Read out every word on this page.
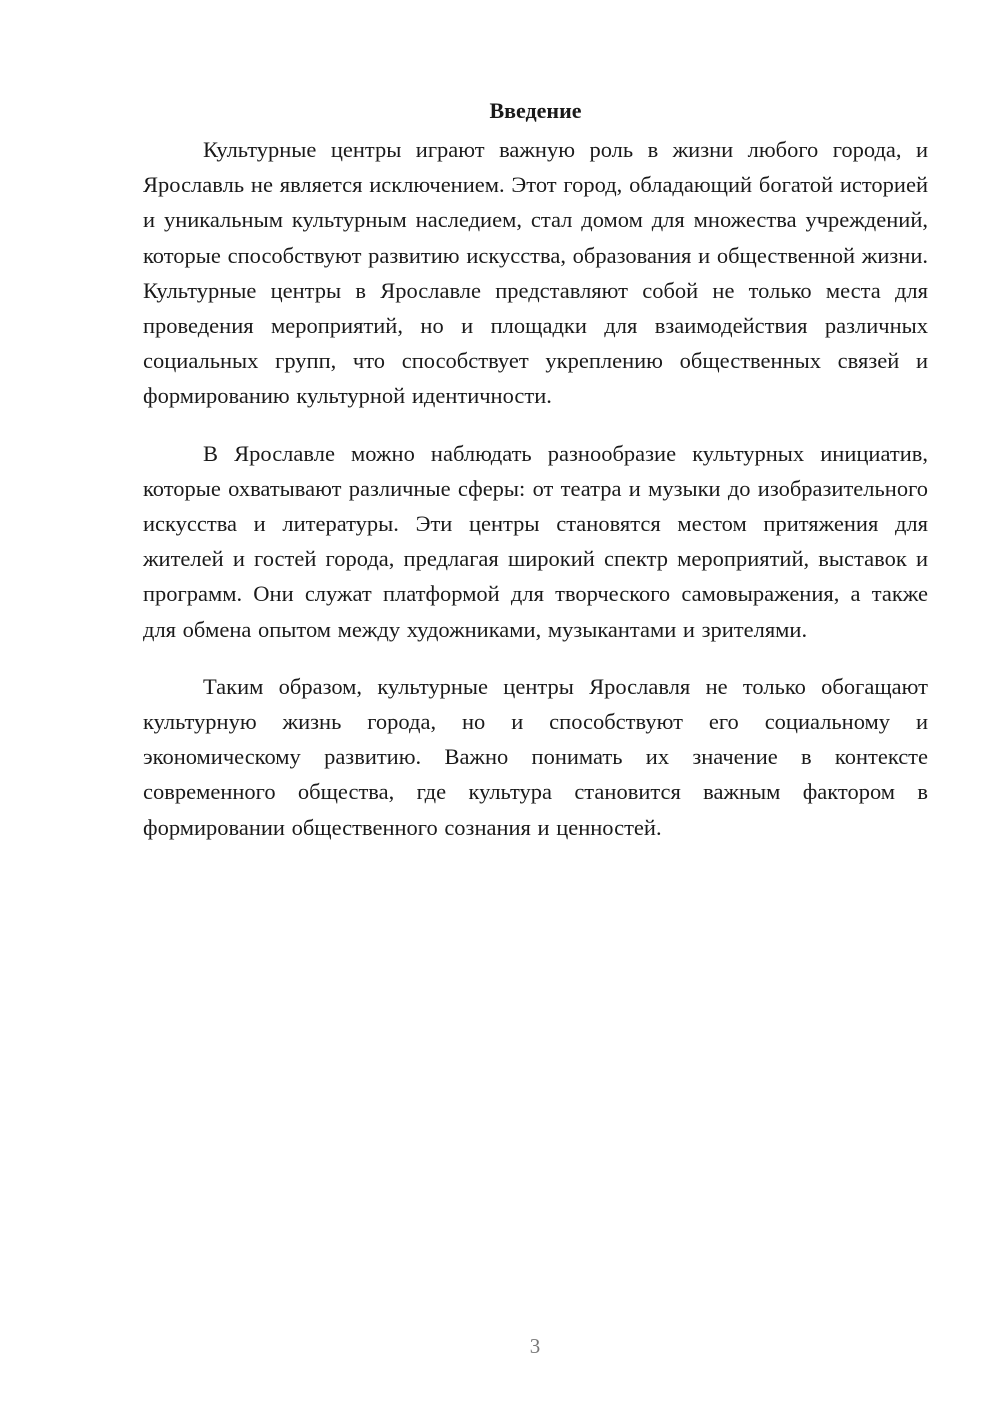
Введение

Культурные центры играют важную роль в жизни любого города, и Ярославль не является исключением. Этот город, обладающий богатой историей и уникальным культурным наследием, стал домом для множества учреждений, которые способствуют развитию искусства, образования и общественной жизни. Культурные центры в Ярославле представляют собой не только места для проведения мероприятий, но и площадки для взаимодействия различных социальных групп, что способствует укреплению общественных связей и формированию культурной идентичности.

В Ярославле можно наблюдать разнообразие культурных инициатив, которые охватывают различные сферы: от театра и музыки до изобразительного искусства и литературы. Эти центры становятся местом притяжения для жителей и гостей города, предлагая широкий спектр мероприятий, выставок и программ. Они служат платформой для творческого самовыражения, а также для обмена опытом между художниками, музыкантами и зрителями.

Таким образом, культурные центры Ярославля не только обогащают культурную жизнь города, но и способствуют его социальному и экономическому развитию. Важно понимать их значение в контексте современного общества, где культура становится важным фактором в формировании общественного сознания и ценностей.

3
